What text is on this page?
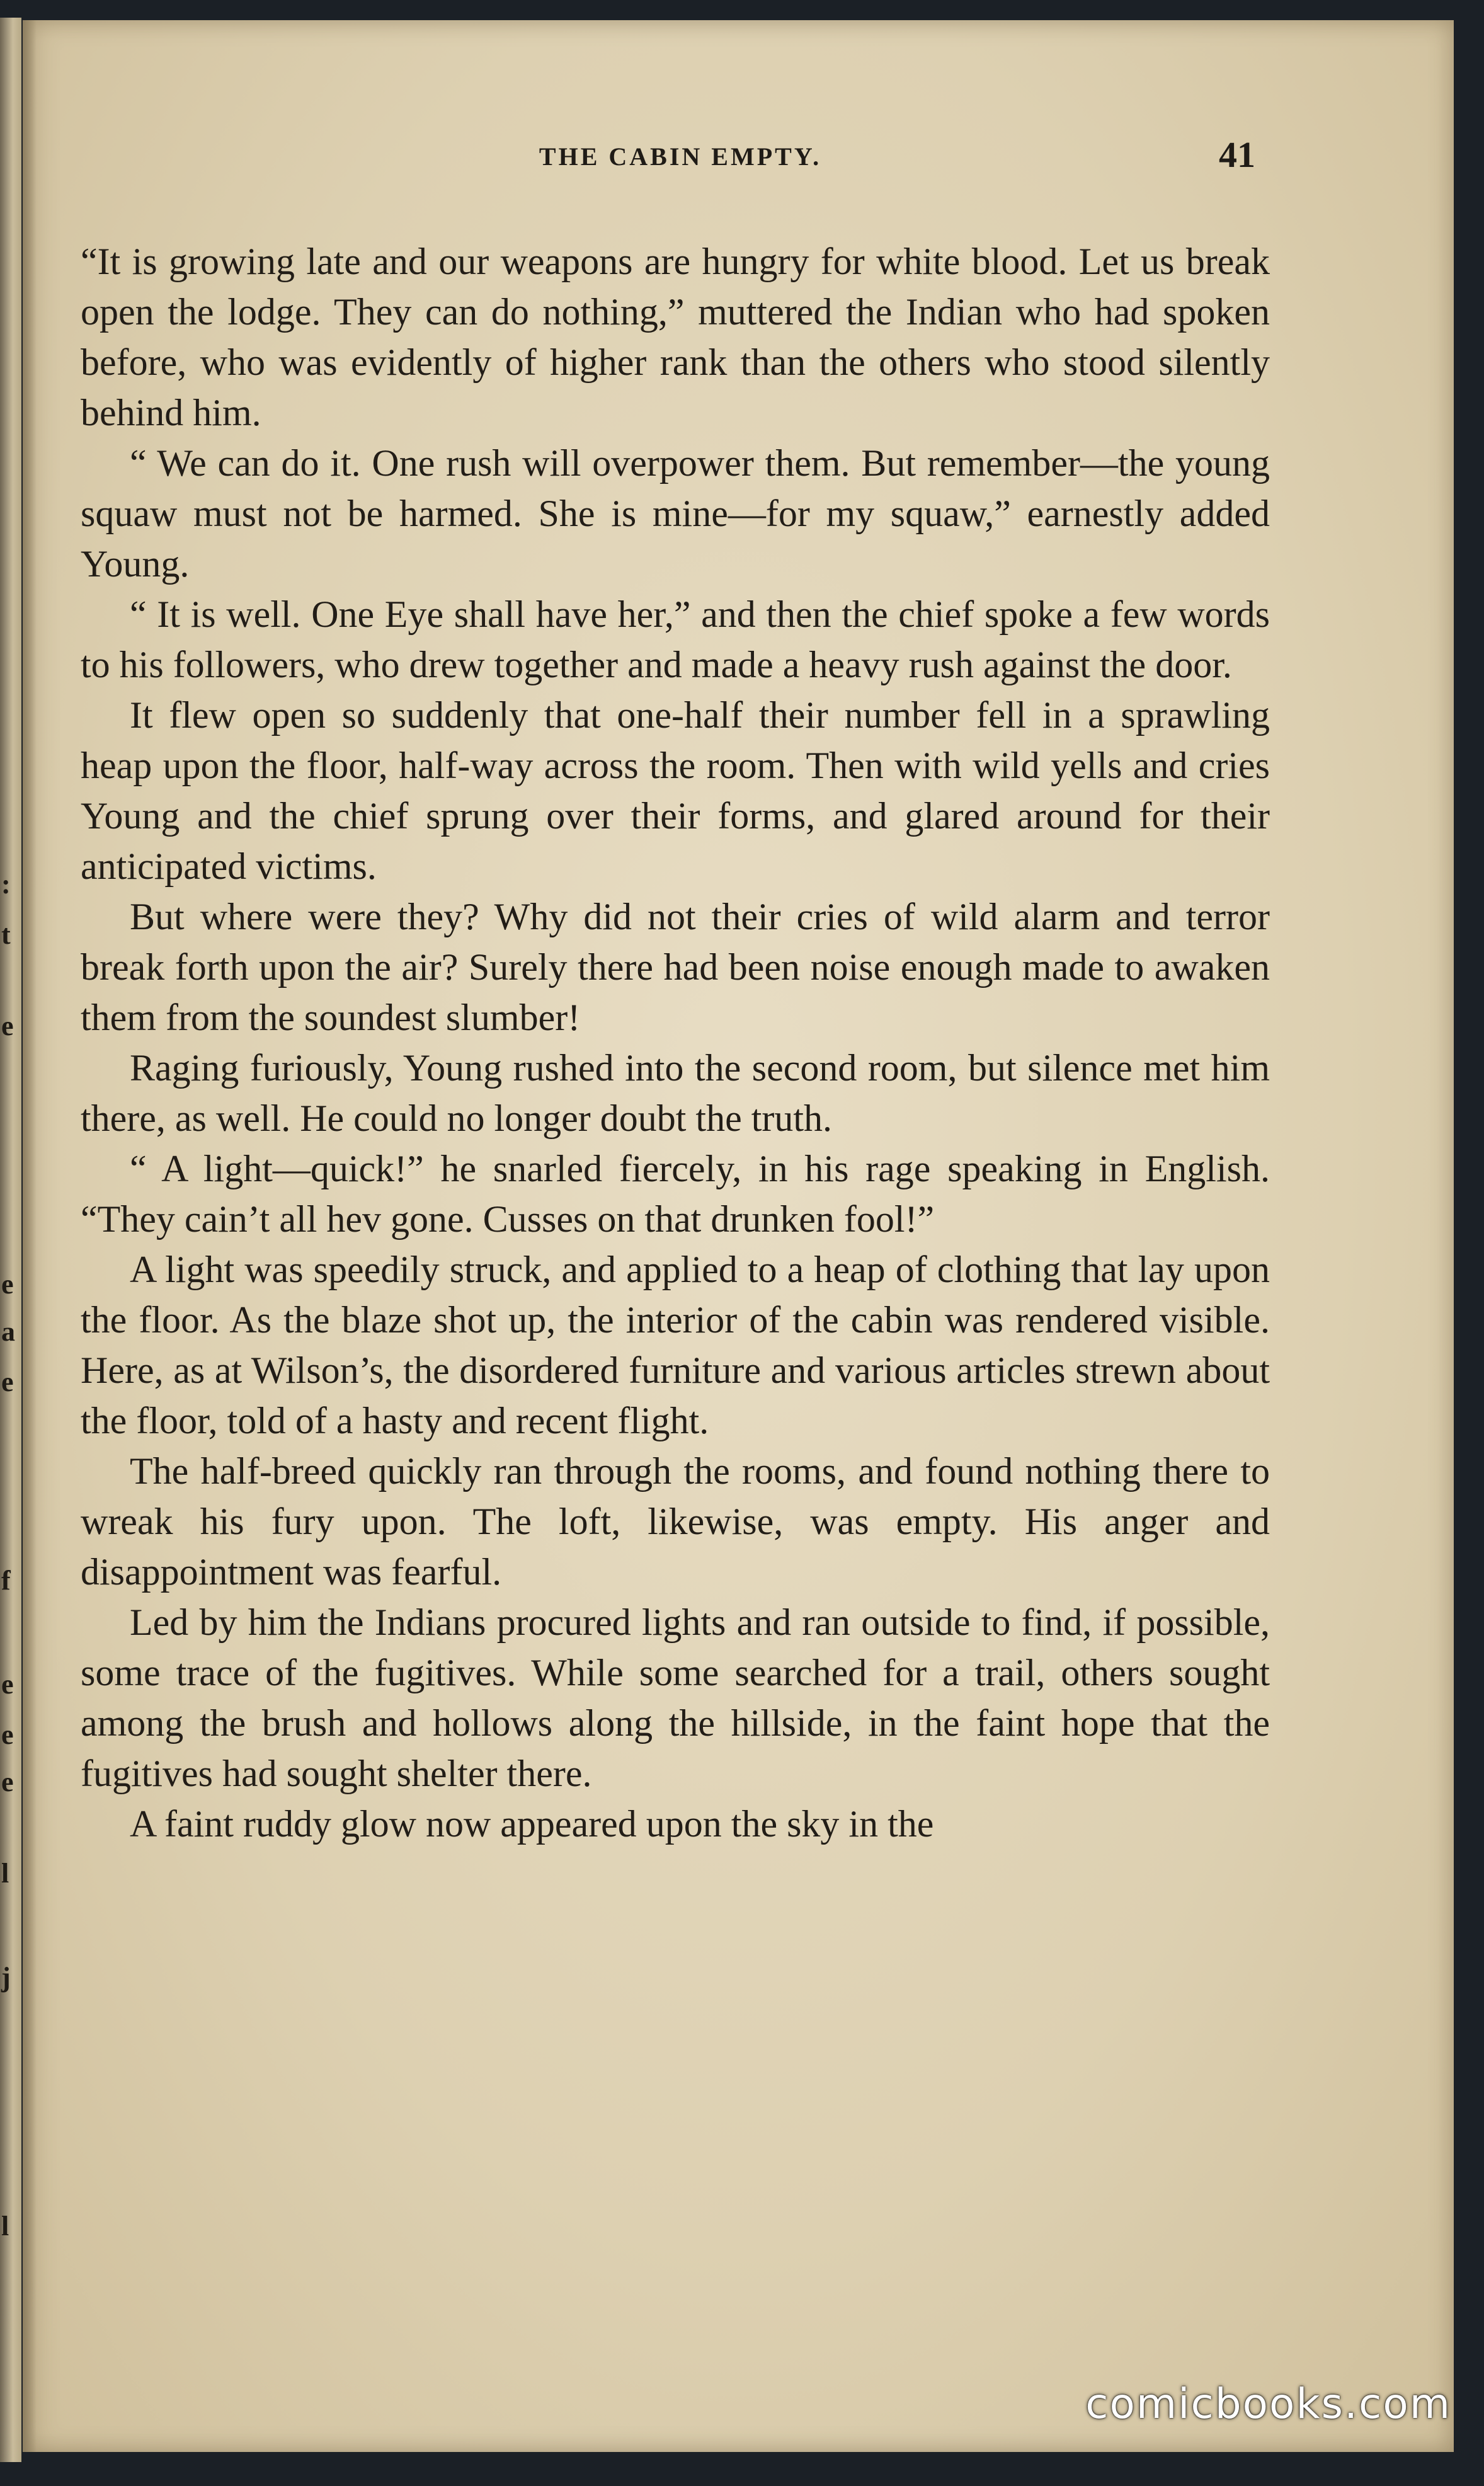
:
t
e
e
a
e
f
e
e
e
l
j
l
THE CABIN EMPTY.	41

“It is growing late and our weapons are hungry for white blood. Let us break open the lodge. They can do nothing,” muttered the Indian who had spoken before, who was evidently of higher rank than the others who stood silently behind him.

“ We can do it. One rush will overpower them. But remember—the young squaw must not be harmed. She is mine—for my squaw,” earnestly added Young.

“ It is well. One Eye shall have her,” and then the chief spoke a few words to his followers, who drew together and made a heavy rush against the door.

It flew open so suddenly that one-half their number fell in a sprawling heap upon the floor, half-way across the room. Then with wild yells and cries Young and the chief sprung over their forms, and glared around for their anticipated victims.

But where were they? Why did not their cries of wild alarm and terror break forth upon the air? Surely there had been noise enough made to awaken them from the soundest slumber!

Raging furiously, Young rushed into the second room, but silence met him there, as well. He could no longer doubt the truth.

“ A light—quick!” he snarled fiercely, in his rage speaking in English. “They cain’t all hev gone. Cusses on that drunken fool!”

A light was speedily struck, and applied to a heap of clothing that lay upon the floor. As the blaze shot up, the interior of the cabin was rendered visible. Here, as at Wilson’s, the disordered furniture and various articles strewn about the floor, told of a hasty and recent flight.

The half-breed quickly ran through the rooms, and found nothing there to wreak his fury upon. The loft, likewise, was empty. His anger and disappointment was fearful.

Led by him the Indians procured lights and ran outside to find, if possible, some trace of the fugitives. While some searched for a trail, others sought among the brush and hollows along the hillside, in the faint hope that the fugitives had sought shelter there.

A faint ruddy glow now appeared upon the sky in the

comicbooks.com
